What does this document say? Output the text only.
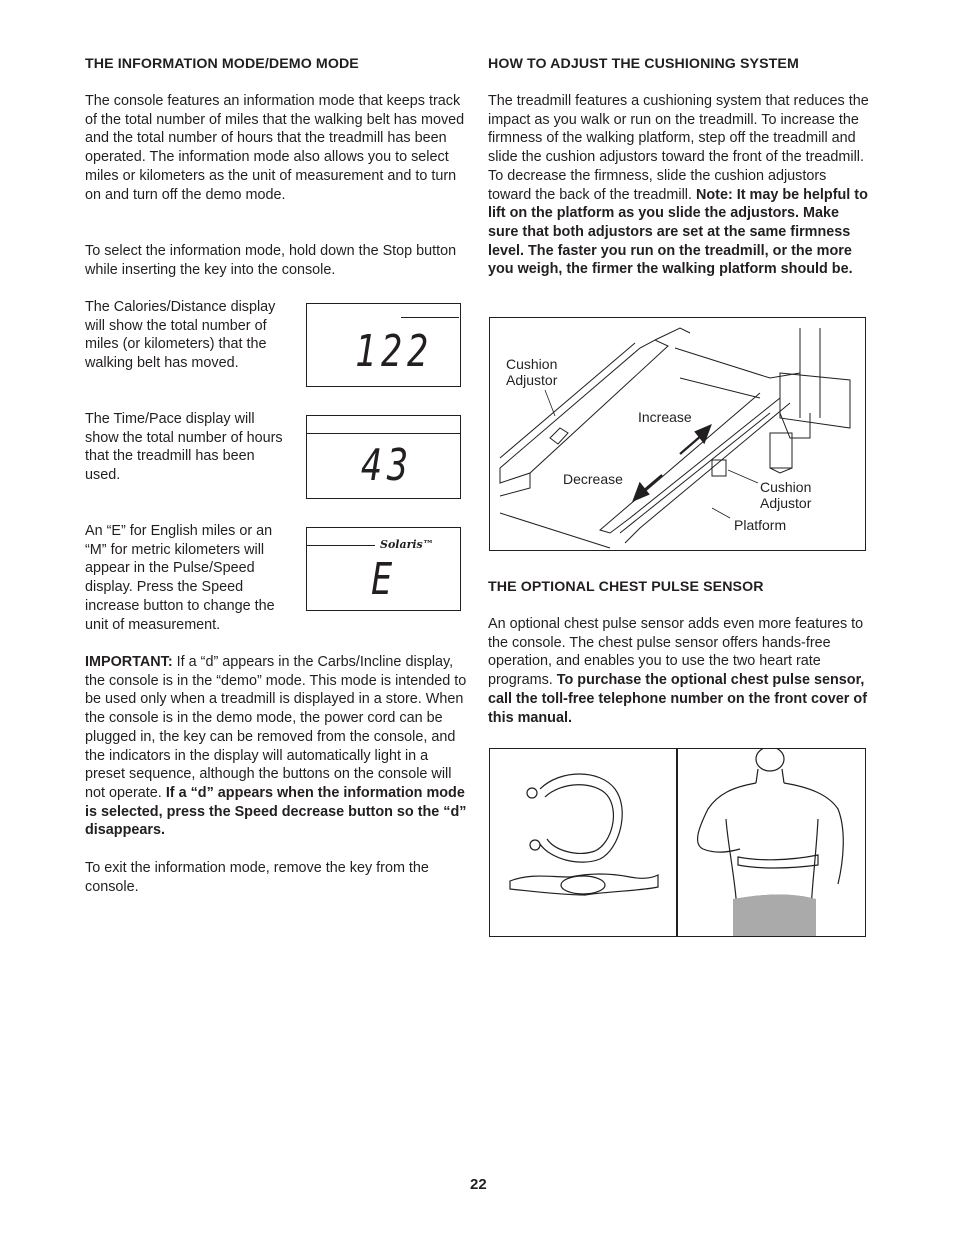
THE INFORMATION MODE/DEMO MODE
The console features an information mode that keeps track of the total number of miles that the walking belt has moved and the total number of hours that the treadmill has been operated. The information mode also allows you to select miles or kilometers as the unit of measurement and to turn on and turn off the demo mode.
To select the information mode, hold down the Stop button while inserting the key into the console.
The Calories/Distance display will show the total number of miles (or kilometers) that the walking belt has moved.	122
The Time/Pace display will show the total number of hours that the treadmill has been used.	43
An “E” for English miles or an “M” for metric kilometers will appear in the Pulse/Speed display. Press the Speed increase button to change the unit of measurement.
Solaris™
E
IMPORTANT: If a “d” appears in the Carbs/Incline display, the console is in the “demo” mode. This mode is intended to be used only when a treadmill is displayed in a store. When the console is in the demo mode, the power cord can be plugged in, the key can be removed from the console, and the indicators in the display will automatically light in a preset sequence, although the buttons on the console will not operate. If a “d” appears when the information mode is selected, press the Speed decrease button so the “d” disappears.
To exit the information mode, remove the key from the console.
HOW TO ADJUST THE CUSHIONING SYSTEM
The treadmill features a cushioning system that reduces the impact as you walk or run on the treadmill. To increase the firmness of the walking platform, step off the treadmill and slide the cushion adjustors toward the front of the treadmill. To decrease the firmness, slide the cushion adjustors toward the back of the treadmill. Note: It may be helpful to lift on the platform as you slide the adjustors. Make sure that both adjustors are set at the same firmness level. The faster you run on the treadmill, or the more you weigh, the firmer the walking platform should be.
Cushion
Adjustor
Increase
Decrease	Cushion
Adjustor
Platform
THE OPTIONAL CHEST PULSE SENSOR
An optional chest pulse sensor adds even more features to the console. The chest pulse sensor offers hands-free operation, and enables you to use the two heart rate programs. To purchase the optional chest pulse sensor, call the toll-free telephone number on the front cover of this manual.
22
